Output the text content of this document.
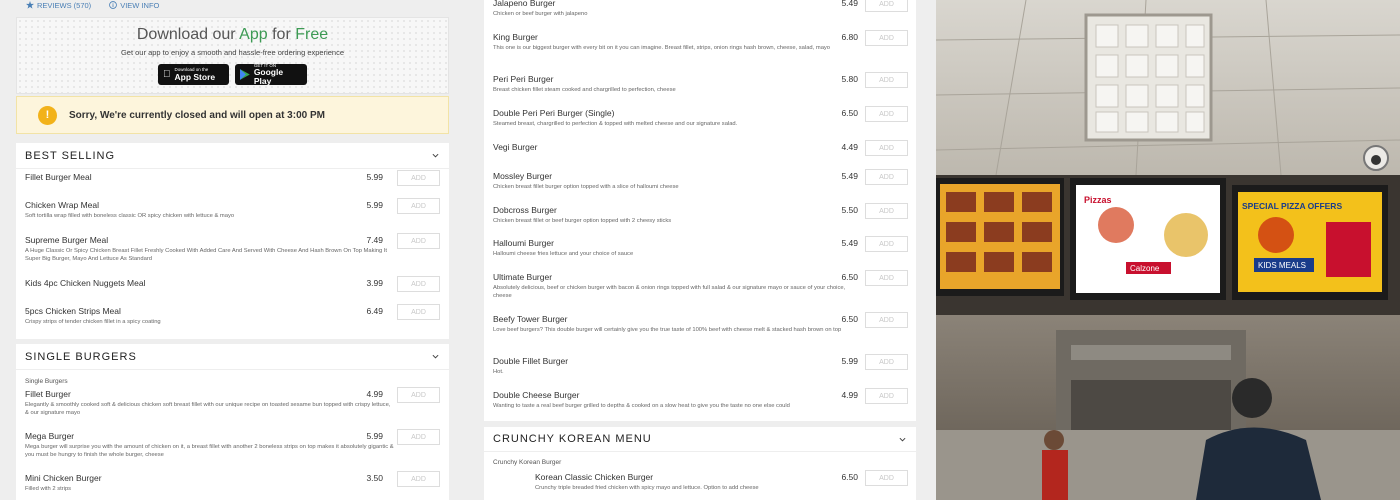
REVIEWS (570)	VIEW INFO
Download our App for Free
Get our app to enjoy a smooth and hassle-free ordering experience
Download on the
App Store
GET IT ON
Google Play
!	Sorry, We're currently closed and will open at 3:00 PM
BEST SELLING
Fillet Burger Meal	5.99	ADD
Chicken Wrap Meal
Soft tortilla wrap filled with boneless classic OR spicy chicken with lettuce & mayo
5.99	ADD
Supreme Burger Meal
A Huge Classic Or Spicy Chicken Breast Fillet Freshly Cooked With Added Care And Served With Cheese And Hash Brown On Top Making It Super Big Burger, Mayo And Lettuce As Standard
7.49	ADD
Kids 4pc Chicken Nuggets Meal	3.99	ADD
5pcs Chicken Strips Meal
Crispy strips of tender chicken fillet in a spicy coating
6.49	ADD
SINGLE BURGERS
Single Burgers
Fillet Burger
Elegantly & smoothly cooked soft & delicious chicken soft breast fillet with our unique recipe on toasted sesame bun topped with crispy lettuce, & our signature mayo
4.99	ADD
Mega Burger
Mega burger will surprise you with the amount of chicken on it, a breast fillet with another 2 boneless strips on top makes it absolutely gigantic & you must be hungry to finish the whole burger, cheese
5.99	ADD
Mini Chicken Burger
Filled with 2 strips
3.50	ADD
Jalapeno Burger
Chicken or beef burger with jalapeno
5.49	ADD
King Burger
This one is our biggest burger with every bit on it you can imagine. Breast fillet, strips, onion rings hash brown, cheese, salad, mayo
6.80	ADD
Peri Peri Burger
Breast chicken fillet steam cooked and chargrilled to perfection, cheese
5.80	ADD
Double Peri Peri Burger (Single)
Steamed breast, chargrilled to perfection & topped with melted cheese and our signature salad.
6.50	ADD
Vegi Burger	4.49	ADD
Mossley Burger
Chicken breast fillet burger option topped with a slice of halloumi cheese
5.49	ADD
Dobcross Burger
Chicken breast fillet or beef burger option topped with 2 cheesy sticks
5.50	ADD
Halloumi Burger
Halloumi cheese fries lettuce and your choice of sauce
5.49	ADD
Ultimate Burger
Absolutely delicious, beef or chicken burger with bacon & onion rings topped with full salad & our signature mayo or sauce of your choice, cheese
6.50	ADD
Beefy Tower Burger
Love beef burgers? This double burger will certainly give you the true taste of 100% beef with cheese melt & stacked hash brown on top
6.50	ADD
Double Fillet Burger
Hot.
5.99	ADD
Double Cheese Burger
Wanting to taste a real beef burger grilled to depths & cooked on a slow heat to give you the taste no one else could
4.99	ADD
CRUNCHY KOREAN MENU
Crunchy Korean Burger
Korean Classic Chicken Burger
Crunchy triple breaded fried chicken with spicy mayo and lettuce. Option to add cheese
6.50	ADD
Pizzas
Calzone
SPECIAL PIZZA OFFERS
KIDS MEALS
